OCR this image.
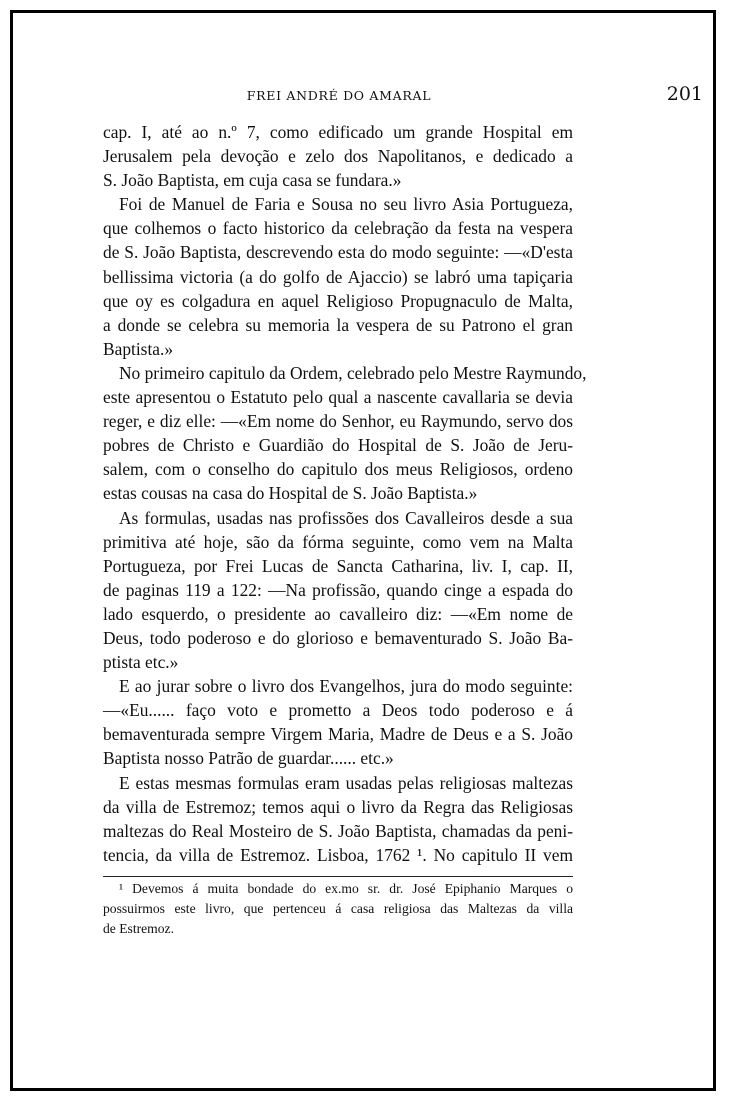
FREI ANDRÉ DO AMARAL	201
cap. I, até ao n.º 7, como edificado um grande Hospital em
Jerusalem pela devoção e zelo dos Napolitanos, e dedicado a
S. João Baptista, em cuja casa se fundara.»
Foi de Manuel de Faria e Sousa no seu livro Asia Portugueza,
que colhemos o facto historico da celebração da festa na vespera
de S. João Baptista, descrevendo esta do modo seguinte: —«D'esta
bellissima victoria (a do golfo de Ajaccio) se labró uma tapiçaria
que oy es colgadura en aquel Religioso Propugnaculo de Malta,
a donde se celebra su memoria la vespera de su Patrono el gran
Baptista.»
No primeiro capitulo da Ordem, celebrado pelo Mestre Raymundo,
este apresentou o Estatuto pelo qual a nascente cavallaria se devia
reger, e diz elle: —«Em nome do Senhor, eu Raymundo, servo dos
pobres de Christo e Guardião do Hospital de S. João de Jeru-
salem, com o conselho do capitulo dos meus Religiosos, ordeno
estas cousas na casa do Hospital de S. João Baptista.»
As formulas, usadas nas profissões dos Cavalleiros desde a sua
primitiva até hoje, são da fórma seguinte, como vem na Malta
Portugueza, por Frei Lucas de Sancta Catharina, liv. I, cap. II,
de paginas 119 a 122: —Na profissão, quando cinge a espada do
lado esquerdo, o presidente ao cavalleiro diz: —«Em nome de
Deus, todo poderoso e do glorioso e bemaventurado S. João Ba-
ptista etc.»
E ao jurar sobre o livro dos Evangelhos, jura do modo seguinte:
—«Eu...... faço voto e prometto a Deos todo poderoso e á
bemaventurada sempre Virgem Maria, Madre de Deus e a S. João
Baptista nosso Patrão de guardar...... etc.»
E estas mesmas formulas eram usadas pelas religiosas maltezas
da villa de Estremoz; temos aqui o livro da Regra das Religiosas
maltezas do Real Mosteiro de S. João Baptista, chamadas da peni-
tencia, da villa de Estremoz. Lisboa, 1762 ¹. No capitulo II vem
¹ Devemos á muita bondade do ex.mo sr. dr. José Epiphanio Marques o
possuirmos este livro, que pertenceu á casa religiosa das Maltezas da villa
de Estremoz.
